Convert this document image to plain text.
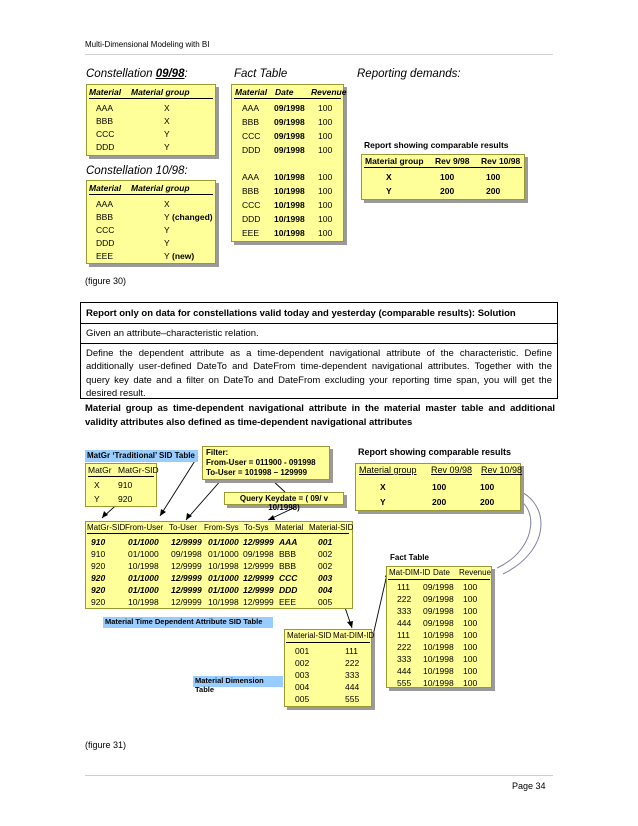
Multi-Dimensional Modeling with BI
Constellation 09/98:	Fact Table	Reporting demands:
Material Material group
AAA	X
BBB	X
CCC	Y
DDD	Y
Constellation 10/98:
Material Material group
AAA	X
BBB	Y (changed)
CCC	Y
DDD	Y
EEE	Y (new)
Material Date Revenue
AAA 09/1998 100
BBB 09/1998 100
CCC 09/1998 100
DDD 09/1998 100
AAA 10/1998 100
BBB 10/1998 100
CCC 10/1998 100
DDD 10/1998 100
EEE 10/1998 100
Report showing comparable results
Material group Rev 9/98 Rev 10/98
X	100	100
Y	200	200
(figure 30)
Report only on data for constellations valid today and yesterday (comparable results): Solution
Given an attribute–characteristic relation.
Define the dependent attribute as a time-dependent navigational attribute of the characteristic. Define additionally user-defined DateTo and DateFrom time-dependent navigational attributes. Together with the query key date and a filter on DateTo and DateFrom excluding your reporting time span, you will get the desired result.
Material group as time-dependent navigational attribute in the material master table and additional validity attributes also defined as time-dependent navigational attributes
MatGr ‘Traditional’ SID Table
MatGr MatGr-SID
X 910
Y 920
Filter:
From-User = 011900 - 091998
To-User = 101998 – 129999
Query Keydate = ( 09/ v 10/1998)
Report showing comparable results
Material group Rev 09/98 Rev 10/98
X	100	100
Y	200	200
MatGr-SID From-User To-User From-Sys To-Sys Material Material-SID
910	01/1000 12/9999 01/1000 12/9999 AAA 001
910	01/1000 09/1998 01/1000 09/1998 BBB	002
920	10/1998 12/9999 10/1998 12/9999 BBB	002
920	01/1000 12/9999 01/1000 12/9999 CCC 003
920	01/1000 12/9999 01/1000 12/9999 DDD 004
920	10/1998 12/9999 10/1998 12/9999 EEE	005
Material Time Dependent Attribute SID Table
Material-SID Mat-DIM-ID
001	111
002	222
003	333
004	444
005	555
Material Dimension Table
Fact Table
Mat-DIM-ID Date Revenue
111 09/1998 100
222 09/1998 100
333 09/1998 100
444 09/1998 100
111 10/1998 100
222 10/1998 100
333 10/1998 100
444 10/1998 100
555 10/1998 100
(figure 31)
Page 34
